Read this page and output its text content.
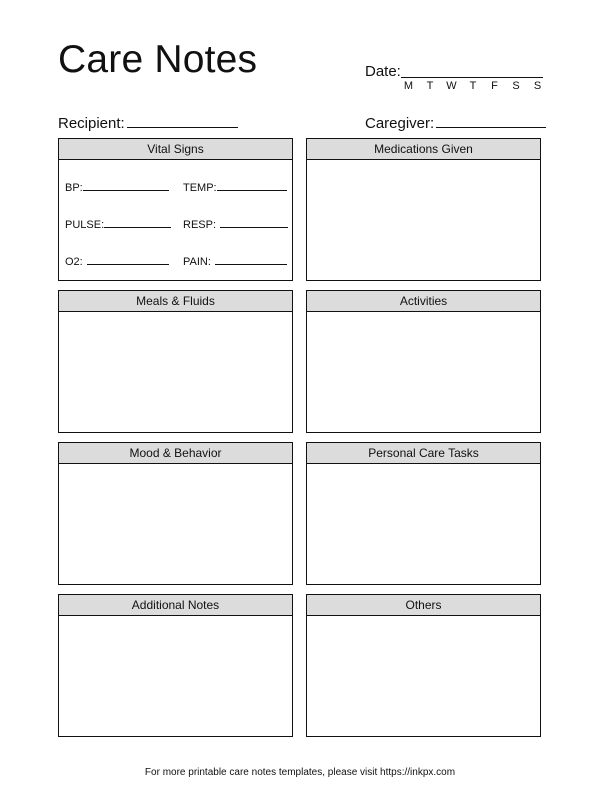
Care Notes	Date:
M	T	W	T	F	S	S
Recipient:	Caregiver:
Vital Signs
BP:	TEMP:
PULSE:	RESP:
O2:	PAIN:
Medications Given
Meals & Fluids	Activities
Mood & Behavior	Personal Care Tasks
Additional Notes	Others
For more printable care notes templates, please visit https://inkpx.com
